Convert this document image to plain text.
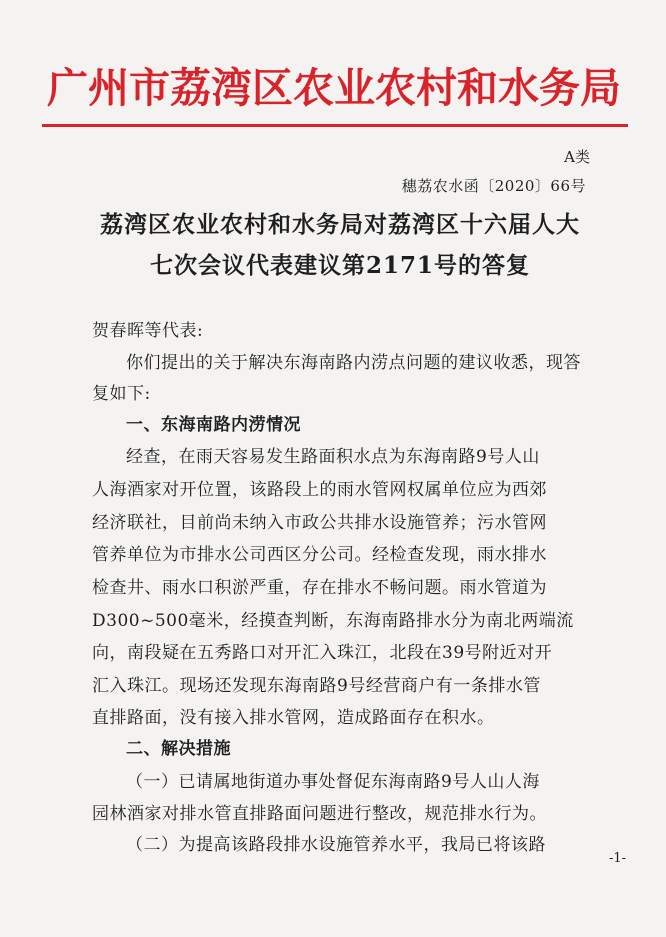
广州市荔湾区农业农村和水务局
A类
穗荔农水函〔2020〕66号
荔湾区农业农村和水务局对荔湾区十六届人大
七次会议代表建议第2171号的答复
贺春晖等代表:
你们提出的关于解决东海南路内涝点问题的建议收悉，现答
复如下:
一、东海南路内涝情况
经查，在雨天容易发生路面积水点为东海南路9号人山
人海酒家对开位置，该路段上的雨水管网权属单位应为西郊
经济联社，目前尚未纳入市政公共排水设施管养；污水管网
管养单位为市排水公司西区分公司。经检查发现，雨水排水
检查井、雨水口积淤严重，存在排水不畅问题。雨水管道为
D300~500毫米，经摸查判断，东海南路排水分为南北两端流
向，南段疑在五秀路口对开汇入珠江，北段在39号附近对开
汇入珠江。现场还发现东海南路9号经营商户有一条排水管
直排路面，没有接入排水管网，造成路面存在积水。
二、解决措施
（一）已请属地街道办事处督促东海南路9号人山人海
园林酒家对排水管直排路面问题进行整改，规范排水行为。
（二）为提高该路段排水设施管养水平，我局已将该路
-1-
